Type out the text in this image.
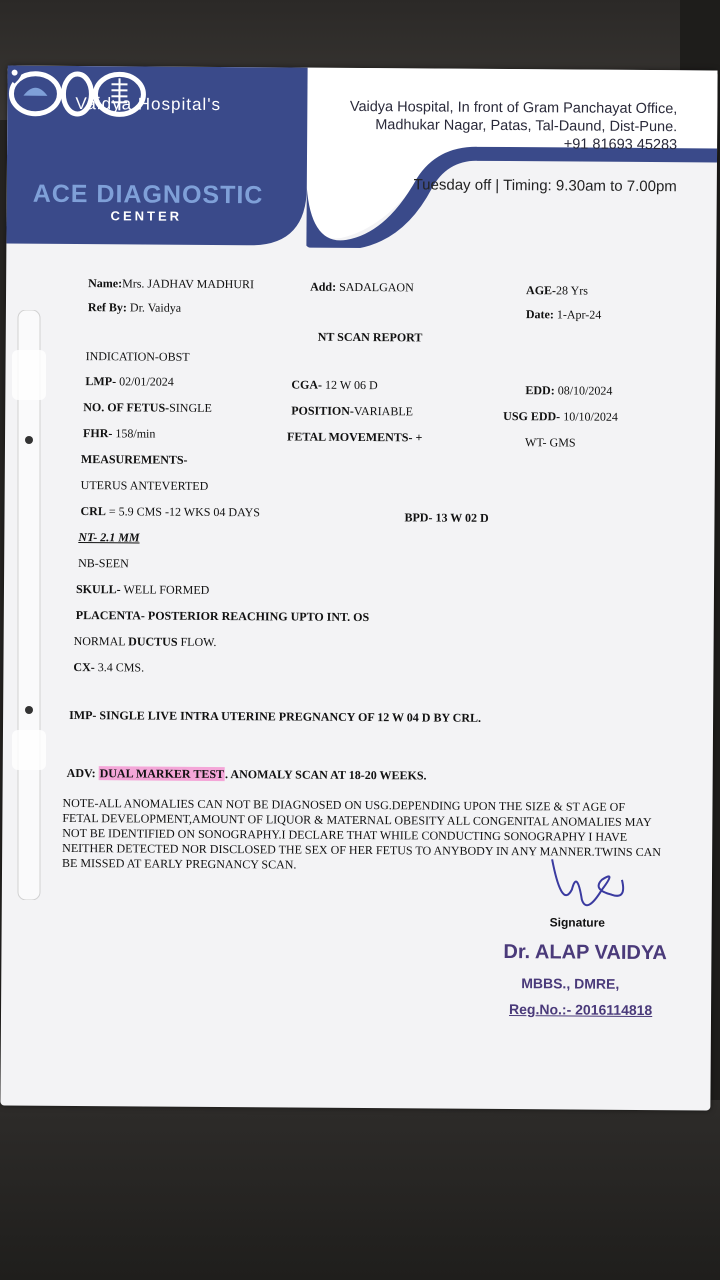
Vaidya Hospital's
ACE DIAGNOSTIC
CENTER
Vaidya Hospital, In front of Gram Panchayat Office,
Madhukar Nagar, Patas, Tal-Daund, Dist-Pune.
+91 81693 45283
Tuesday off | Timing: 9.30am to 7.00pm
Name:Mrs. JADHAV MADHURI	Add: SADALGAON	AGE-28 Yrs
Ref By: Dr. Vaidya	Date: 1-Apr-24
NT SCAN REPORT
INDICATION-OBST
LMP- 02/01/2024	CGA- 12 W 06 D	EDD: 08/10/2024
NO. OF FETUS-SINGLE	POSITION-VARIABLE	USG EDD- 10/10/2024
FHR- 158/min	FETAL MOVEMENTS- +	WT- GMS
MEASUREMENTS-
UTERUS ANTEVERTED
CRL = 5.9 CMS -12 WKS 04 DAYS	BPD- 13 W 02 D
NT- 2.1 MM
NB-SEEN
SKULL- WELL FORMED
PLACENTA- POSTERIOR REACHING UPTO INT. OS
NORMAL DUCTUS FLOW.
CX- 3.4 CMS.
IMP- SINGLE LIVE INTRA UTERINE PREGNANCY OF 12 W 04 D BY CRL.
ADV: DUAL MARKER TEST. ANOMALY SCAN AT 18-20 WEEKS.
NOTE-ALL ANOMALIES CAN NOT BE DIAGNOSED ON USG.DEPENDING UPON THE SIZE & ST AGE OF FETAL DEVELOPMENT,AMOUNT OF LIQUOR & MATERNAL OBESITY ALL CONGENITAL ANOMALIES MAY NOT BE IDENTIFIED ON SONOGRAPHY.I DECLARE THAT WHILE CONDUCTING SONOGRAPHY I HAVE NEITHER DETECTED NOR DISCLOSED THE SEX OF HER FETUS TO ANYBODY IN ANY MANNER.TWINS CAN BE MISSED AT EARLY PREGNANCY SCAN.
Signature
Dr. ALAP VAIDYA
MBBS., DMRE,
Reg.No.:- 2016114818
